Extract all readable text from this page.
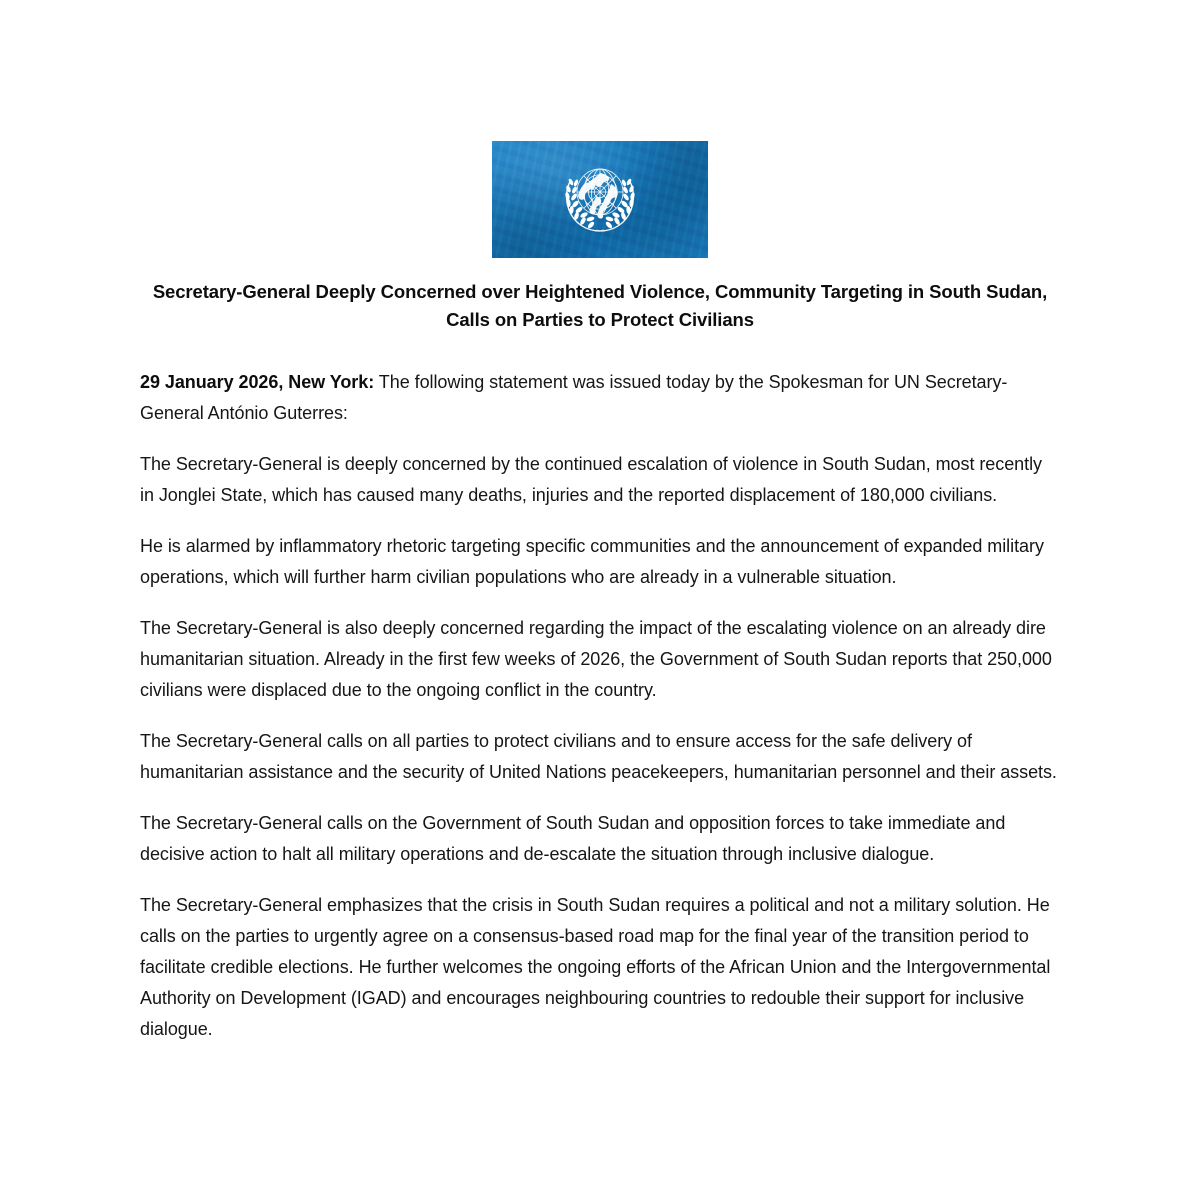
Secretary-General Deeply Concerned over Heightened Violence, Community Targeting in South Sudan, Calls on Parties to Protect Civilians

29 January 2026, New York: The following statement was issued today by the Spokesman for UN Secretary-General António Guterres:

The Secretary-General is deeply concerned by the continued escalation of violence in South Sudan, most recently in Jonglei State, which has caused many deaths, injuries and the reported displacement of 180,000 civilians.

He is alarmed by inflammatory rhetoric targeting specific communities and the announcement of expanded military operations, which will further harm civilian populations who are already in a vulnerable situation.

The Secretary-General is also deeply concerned regarding the impact of the escalating violence on an already dire humanitarian situation. Already in the first few weeks of 2026, the Government of South Sudan reports that 250,000 civilians were displaced due to the ongoing conflict in the country.

The Secretary-General calls on all parties to protect civilians and to ensure access for the safe delivery of humanitarian assistance and the security of United Nations peacekeepers, humanitarian personnel and their assets.

The Secretary-General calls on the Government of South Sudan and opposition forces to take immediate and decisive action to halt all military operations and de-escalate the situation through inclusive dialogue.

The Secretary-General emphasizes that the crisis in South Sudan requires a political and not a military solution. He calls on the parties to urgently agree on a consensus-based road map for the final year of the transition period to facilitate credible elections. He further welcomes the ongoing efforts of the African Union and the Intergovernmental Authority on Development (IGAD) and encourages neighbouring countries to redouble their support for inclusive dialogue.
